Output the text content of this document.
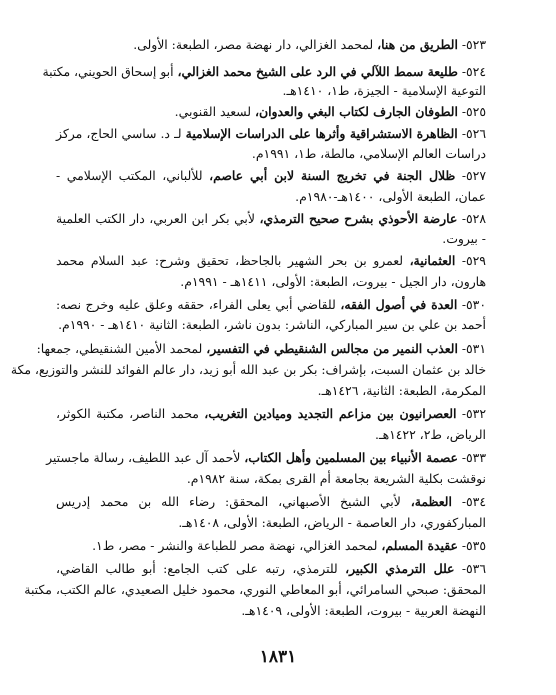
٥٢٣- الطريق من هنا، لمحمد الغزالي، دار نهضة مصر، الطبعة: الأولى.
٥٢٤- طليعة سمط اللآلي في الرد على الشيخ محمد الغزالي، أبو إسحاق الحويني، مكتبة
التوعية الإسلامية - الجيزة، ط١، ١٤١٠هـ.
٥٢٥- الطوفان الجارف لكتاب البغي والعدوان، لسعيد القنوبي.
٥٢٦- الظاهرة الاستشراقية وأثرها على الدراسات الإسلامية لـ د. ساسي الحاج، مركز
دراسات العالم الإسلامي، مالطة، ط١، ١٩٩١م.
٥٢٧- ظلال الجنة في تخريج السنة لابن أبي عاصم، للألباني، المكتب الإسلامي -
عمان، الطبعة الأولى، ١٤٠٠هـ-١٩٨٠م.
٥٢٨- عارضة الأحوذي بشرح صحيح الترمذي، لأبي بكر ابن العربي، دار الكتب العلمية
- بيروت.
٥٢٩- العثمانية، لعمرو بن بحر الشهير بالجاحظ، تحقيق وشرح: عبد السلام محمد
هارون، دار الجيل - بيروت، الطبعة: الأولى، ١٤١١هـ - ١٩٩١م.
٥٣٠- العدة في أصول الفقه، للقاضي أبي يعلى الفراء، حققه وعلق عليه وخرج نصه:
أحمد بن علي بن سير المباركي، الناشر: بدون ناشر، الطبعة: الثانية ١٤١٠هـ - ١٩٩٠م.
٥٣١- العذب النمير من مجالس الشنقيطي في التفسير، لمحمد الأمين الشنقيطي، جمعها:
خالد بن عثمان السبت، بإشراف: بكر بن عبد الله أبو زيد، دار عالم الفوائد للنشر والتوزيع، مكة
المكرمة، الطبعة: الثانية، ١٤٢٦هـ.
٥٣٢- العصرانيون بين مزاعم التجديد وميادين التغريب، محمد الناصر، مكتبة الكوثر،
الرياض، ط٢، ١٤٢٢هـ.
٥٣٣- عصمة الأنبياء بين المسلمين وأهل الكتاب، لأحمد آل عبد اللطيف، رسالة ماجستير
نوقشت بكلية الشريعة بجامعة أم القرى بمكة، سنة ١٩٨٢م.
٥٣٤- العظمة، لأبي الشيخ الأصبهاني، المحقق: رضاء الله بن محمد إدريس
المباركفوري، دار العاصمة - الرياض، الطبعة: الأولى، ١٤٠٨هـ.
٥٣٥- عقيدة المسلم، لمحمد الغزالي، نهضة مصر للطباعة والنشر - مصر، ط١.
٥٣٦- علل الترمذي الكبير، للترمذي، رتبه على كتب الجامع: أبو طالب القاضي،
المحقق: صبحي السامرائي، أبو المعاطي النوري، محمود خليل الصعيدي، عالم الكتب، مكتبة
النهضة العربية - بيروت، الطبعة: الأولى، ١٤٠٩هـ.
١٨٣١
